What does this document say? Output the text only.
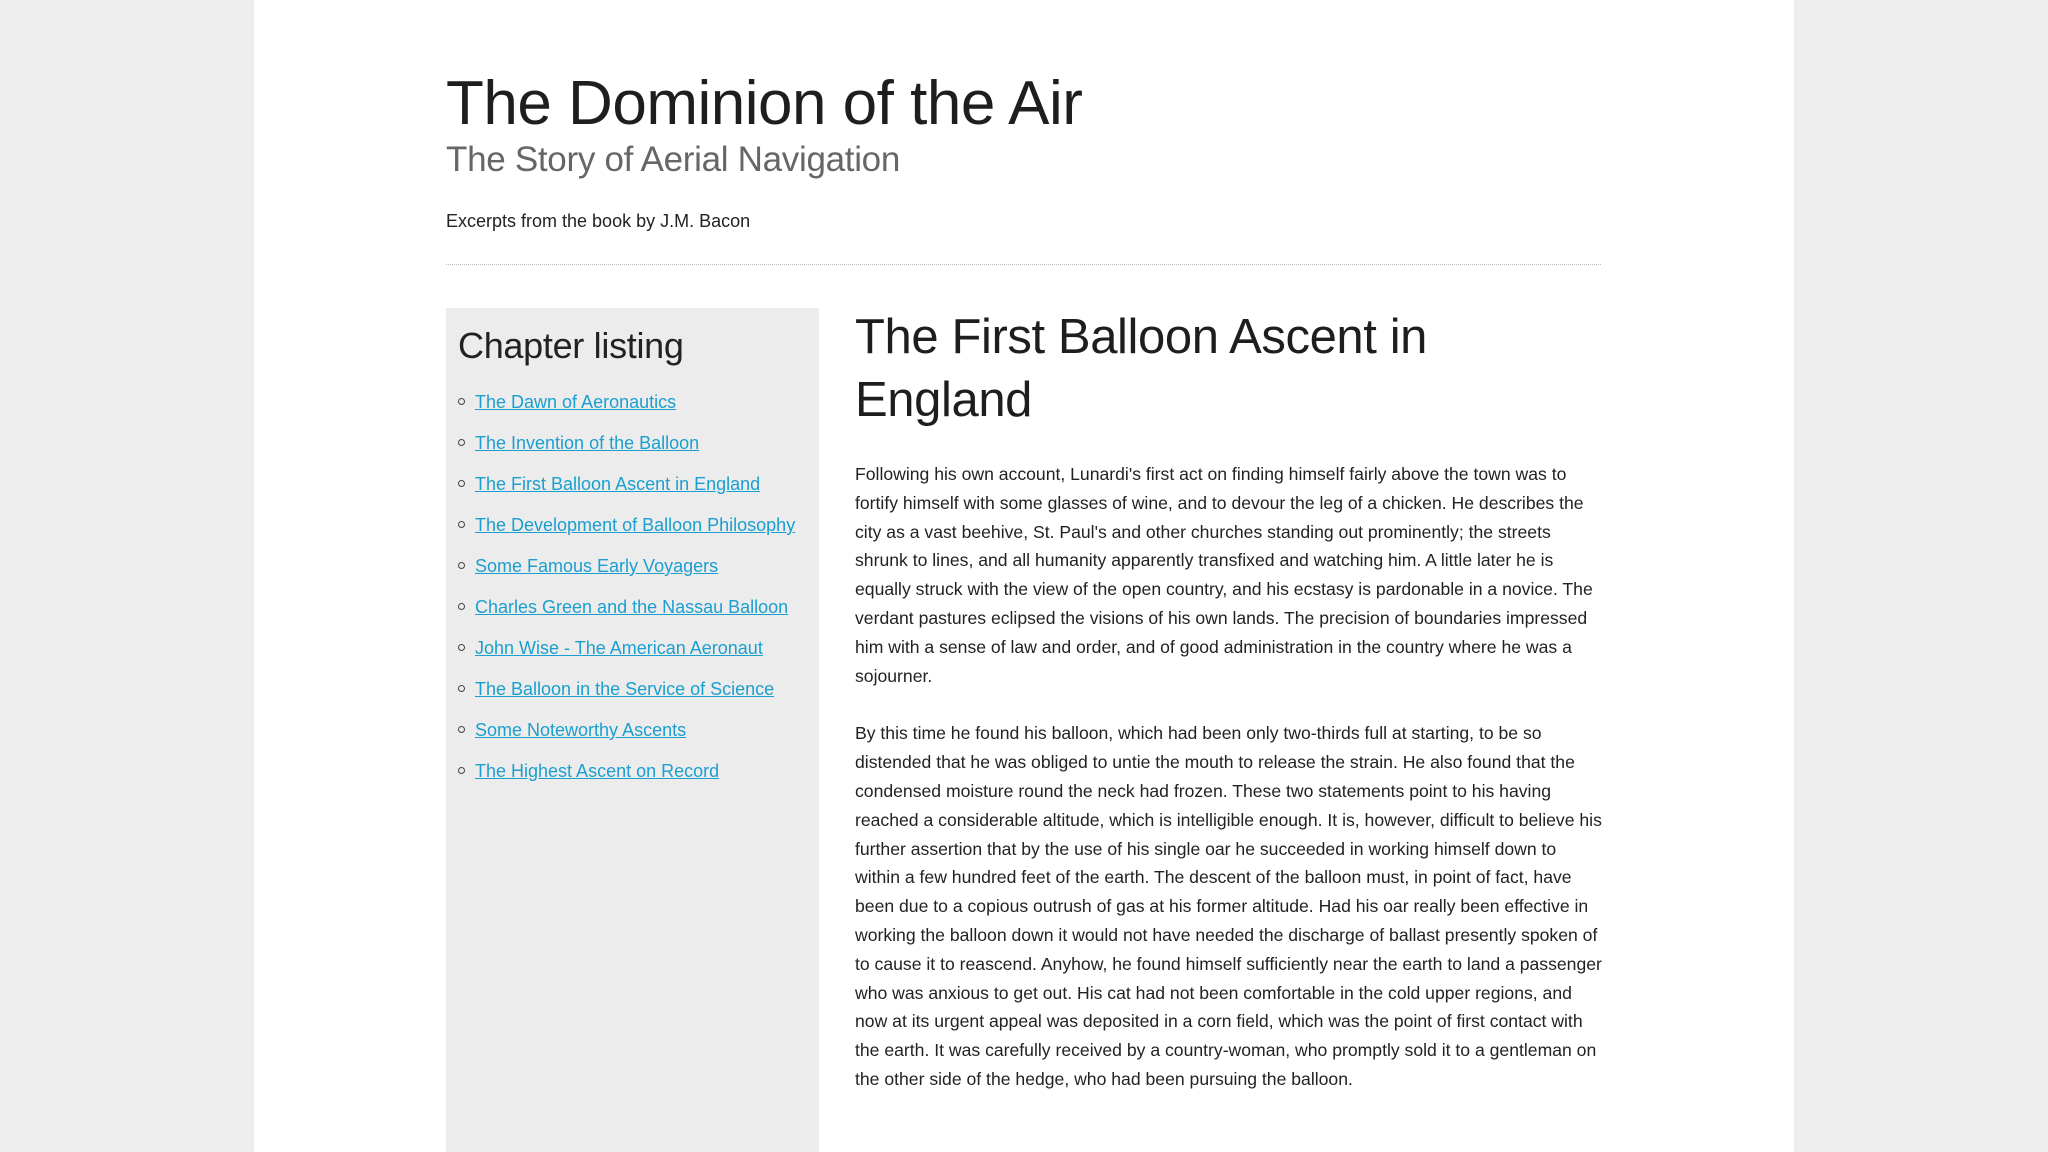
The Dominion of the Air
The Story of Aerial Navigation

Excerpts from the book by J.M. Bacon

Chapter listing
The Dawn of Aeronautics
The Invention of the Balloon
The First Balloon Ascent in England
The Development of Balloon Philosophy
Some Famous Early Voyagers
Charles Green and the Nassau Balloon
John Wise - The American Aeronaut
The Balloon in the Service of Science
Some Noteworthy Ascents
The Highest Ascent on Record
The First Balloon Ascent in England

Following his own account, Lunardi's first act on finding himself fairly above the town was to fortify himself with some glasses of wine, and to devour the leg of a chicken. He describes the city as a vast beehive, St. Paul's and other churches standing out prominently; the streets shrunk to lines, and all humanity apparently transfixed and watching him. A little later he is equally struck with the view of the open country, and his ecstasy is pardonable in a novice. The verdant pastures eclipsed the visions of his own lands. The precision of boundaries impressed him with a sense of law and order, and of good administration in the country where he was a sojourner.

By this time he found his balloon, which had been only two-thirds full at starting, to be so distended that he was obliged to untie the mouth to release the strain. He also found that the condensed moisture round the neck had frozen. These two statements point to his having reached a considerable altitude, which is intelligible enough. It is, however, difficult to believe his further assertion that by the use of his single oar he succeeded in working himself down to within a few hundred feet of the earth. The descent of the balloon must, in point of fact, have been due to a copious outrush of gas at his former altitude. Had his oar really been effective in working the balloon down it would not have needed the discharge of ballast presently spoken of to cause it to reascend. Anyhow, he found himself sufficiently near the earth to land a passenger who was anxious to get out. His cat had not been comfortable in the cold upper regions, and now at its urgent appeal was deposited in a corn field, which was the point of first contact with the earth. It was carefully received by a country-woman, who promptly sold it to a gentleman on the other side of the hedge, who had been pursuing the balloon.
